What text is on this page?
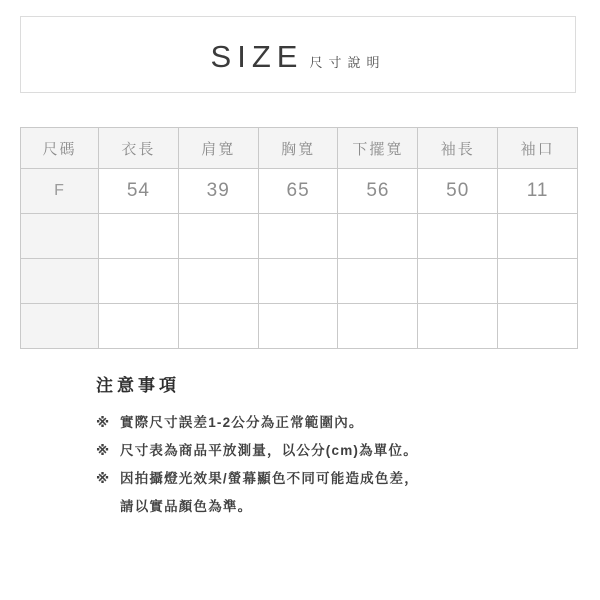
SIZE 尺寸說明
尺碼	衣長	肩寬	胸寬	下擺寬	袖長	袖口
F	54	39	65	56	50	11

注意事項
※ 實際尺寸誤差1-2公分為正常範圍內。
※ 尺寸表為商品平放測量，以公分(cm)為單位。
※ 因拍攝燈光效果/螢幕顯色不同可能造成色差，
請以實品顏色為準。
